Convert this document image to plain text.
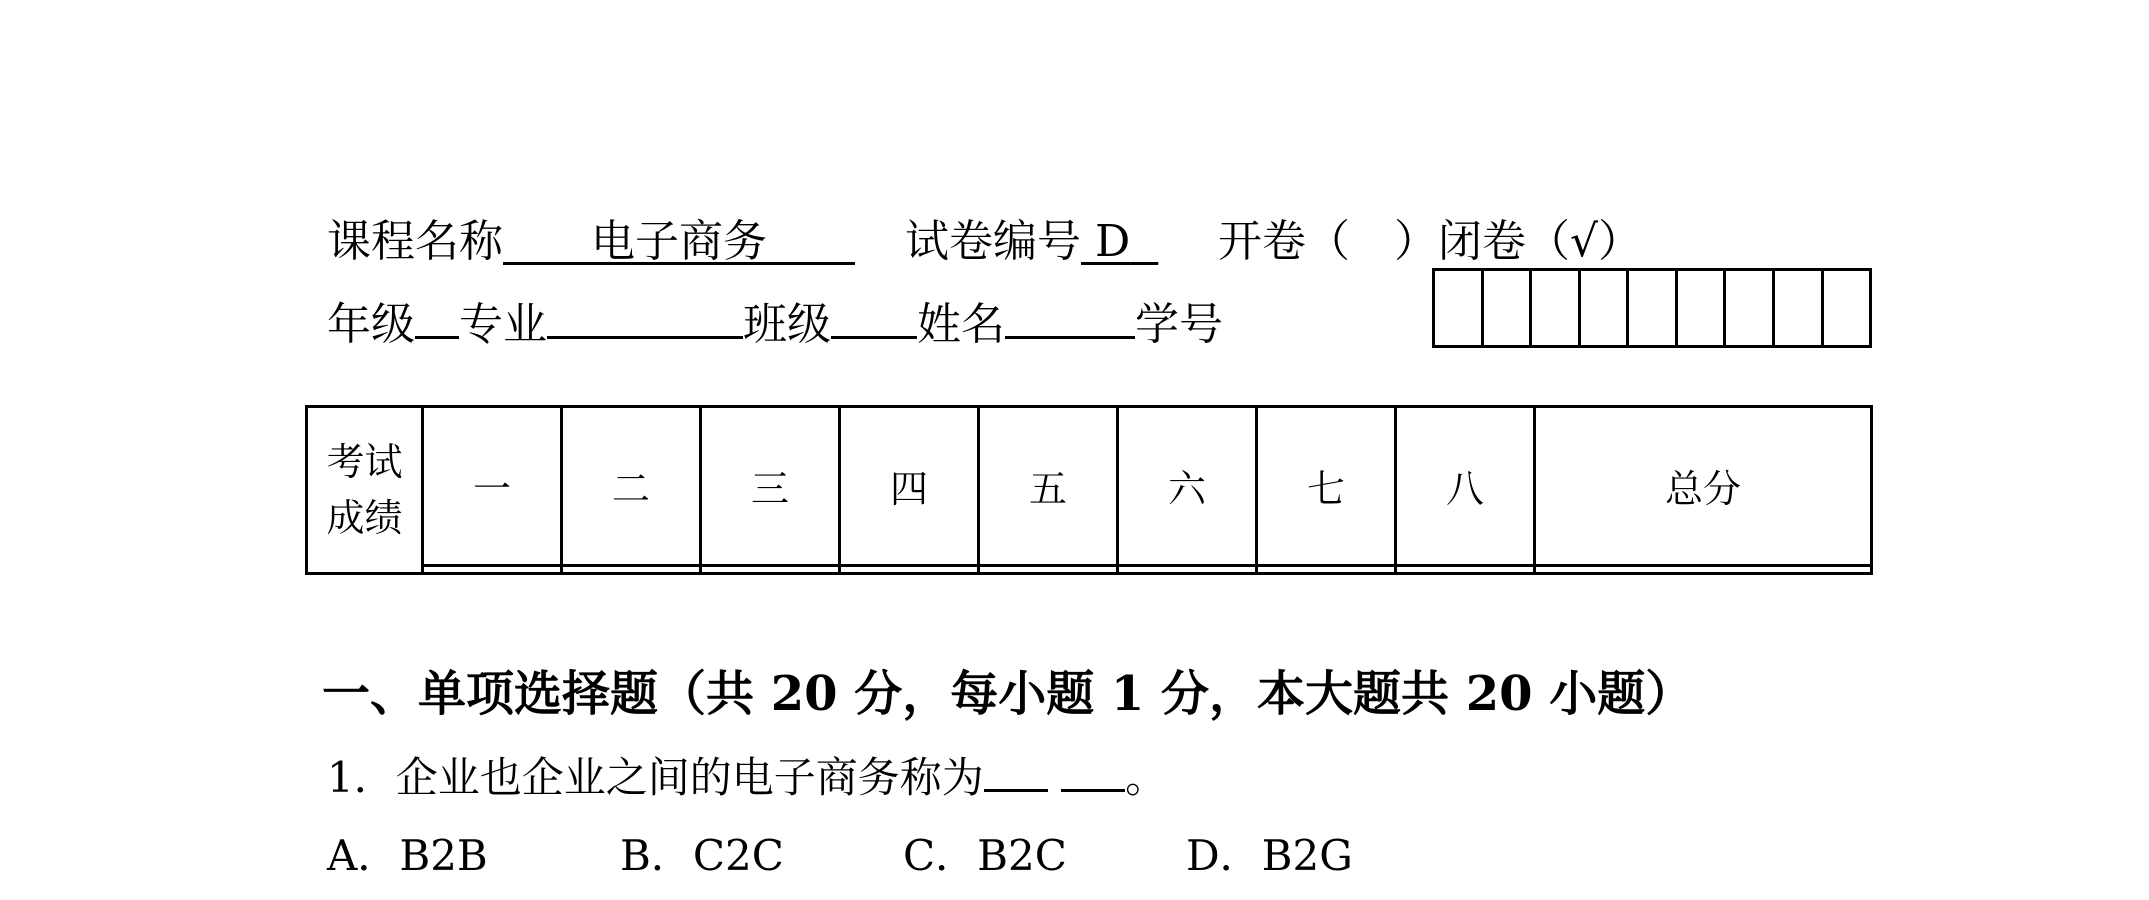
课程名称　　 电子商务　　	试卷编号 D	开卷（　）闭卷（√）
年级 专业	班级 姓名	学号
考试
成绩	一	二	三	四	五	六	七	八	总分

一、单项选择题（共 20 分，每小题 1 分，本大题共 20 小题）
1．企业也企业之间的电子商务称为	。
A．B2B	B．C2C	C．B2C	D．B2G
